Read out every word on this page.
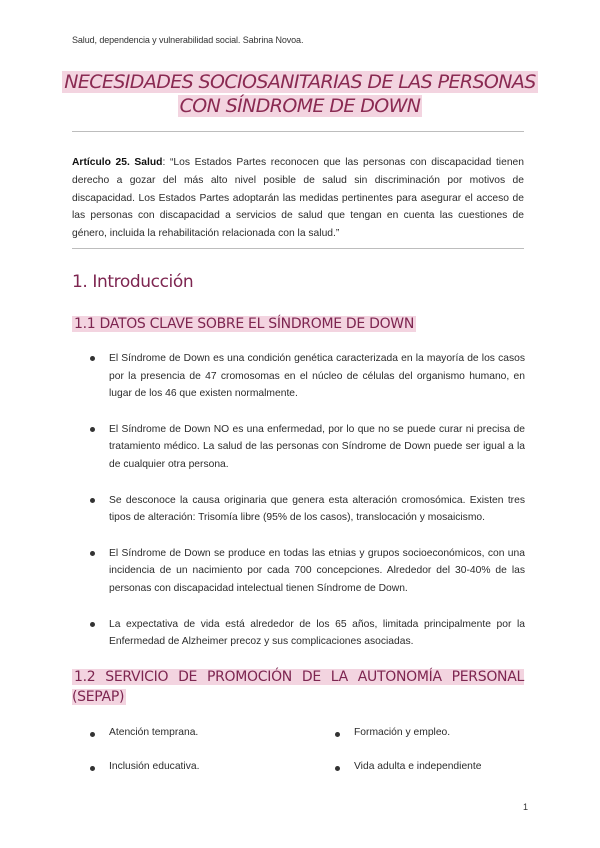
Salud, dependencia y vulnerabilidad social. Sabrina Novoa.
NECESIDADES SOCIOSANITARIAS DE LAS PERSONAS
CON SÍNDROME DE DOWN
Artículo 25. Salud: “Los Estados Partes reconocen que las personas con discapacidad tienen derecho a gozar del más alto nivel posible de salud sin discriminación por motivos de discapacidad. Los Estados Partes adoptarán las medidas pertinentes para asegurar el acceso de las personas con discapacidad a servicios de salud que tengan en cuenta las cuestiones de género, incluida la rehabilitación relacionada con la salud.”
1. Introducción
1.1 DATOS CLAVE SOBRE EL SÍNDROME DE DOWN
El Síndrome de Down es una condición genética caracterizada en la mayoría de los casos por la presencia de 47 cromosomas en el núcleo de células del organismo humano, en lugar de los 46 que existen normalmente.
El Síndrome de Down NO es una enfermedad, por lo que no se puede curar ni precisa de tratamiento médico. La salud de las personas con Síndrome de Down puede ser igual a la de cualquier otra persona.
Se desconoce la causa originaria que genera esta alteración cromosómica. Existen tres tipos de alteración: Trisomía libre (95% de los casos), translocación y mosaicismo.
El Síndrome de Down se produce en todas las etnias y grupos socioeconómicos, con una incidencia de un nacimiento por cada 700 concepciones. Alrededor del 30-40% de las personas con discapacidad intelectual tienen Síndrome de Down.
La expectativa de vida está alrededor de los 65 años, limitada principalmente por la Enfermedad de Alzheimer precoz y sus complicaciones asociadas.
1.2 SERVICIO DE PROMOCIÓN DE LA AUTONOMÍA PERSONAL (SEPAP)
Atención temprana.	Formación y empleo.
Inclusión educativa.	Vida adulta e independiente
1
